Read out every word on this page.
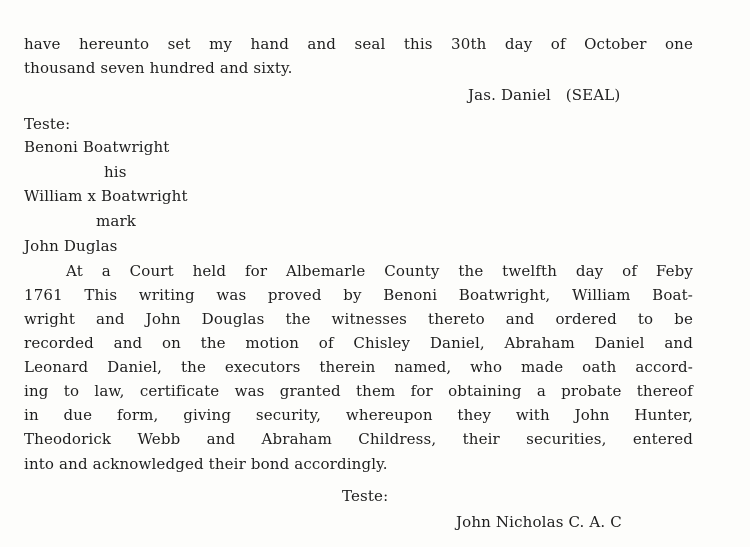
have hereunto set my hand and seal this 30th day of October one
thousand seven hundred and sixty.
Jas. Daniel   (SEAL)
Teste:
Benoni Boatwright
his
William x Boatwright
mark
John Duglas
At a Court held for Albemarle County the twelfth day of Feby
1761 This writing was proved by Benoni Boatwright, William Boat-
wright and John Douglas the witnesses thereto and ordered to be
recorded and on the motion of Chisley Daniel, Abraham Daniel and
Leonard Daniel, the executors therein named, who made oath accord-
ing to law, certificate was granted them for obtaining a probate thereof
in due form, giving security, whereupon they with John Hunter,
Theodorick Webb and Abraham Childress, their securities, entered
into and acknowledged their bond accordingly.
Teste:
John Nicholas C. A. C
